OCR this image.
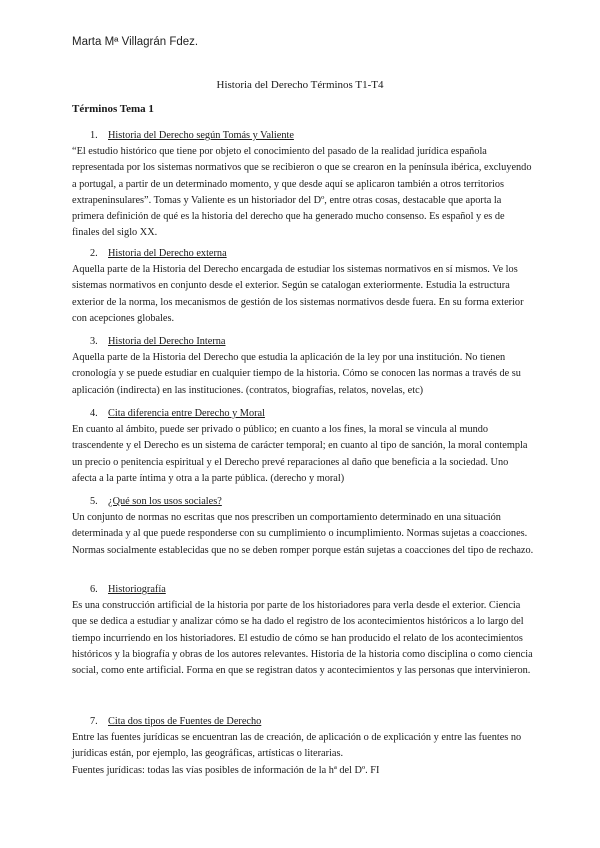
Marta Mª Villagrán Fdez.
Historia del Derecho Términos T1-T4
Términos Tema 1
1. Historia del Derecho según Tomás y Valiente

“El estudio histórico que tiene por objeto el conocimiento del pasado de la realidad jurídica española representada por los sistemas normativos que se recibieron o que se crearon en la península ibérica, excluyendo a portugal, a partir de un determinado momento, y que desde aquí se aplicaron también a otros territorios extrapeninsulares”. Tomas y Valiente es un historiador del Dº, entre otras cosas, destacable que aporta la primera definición de qué es la historia del derecho que ha generado mucho consenso. Es español y es de finales del siglo XX.

2. Historia del Derecho externa

Aquella parte de la Historia del Derecho encargada de estudiar los sistemas normativos en sí mismos. Ve los sistemas normativos en conjunto desde el exterior. Según se catalogan exteriormente. Estudia la estructura exterior de la norma, los mecanismos de gestión de los sistemas normativos desde fuera. En su forma exterior con acepciones globales.

3. Historia del Derecho Interna

Aquella parte de la Historia del Derecho que estudia la aplicación de la ley por una institución. No tienen cronología y se puede estudiar en cualquier tiempo de la historia. Cómo se conocen las normas a través de su aplicación (indirecta) en las instituciones. (contratos, biografías, relatos, novelas, etc)

4. Cita diferencia entre Derecho y Moral

En cuanto al ámbito, puede ser privado o público; en cuanto a los fines, la moral se vincula al mundo trascendente y el Derecho es un sistema de carácter temporal; en cuanto al tipo de sanción, la moral contempla un precio o penitencia espiritual y el Derecho prevé reparaciones al daño que beneficia a la sociedad. Uno afecta a la parte íntima y otra a la parte pública. (derecho y moral)

5. ¿Qué son los usos sociales?

Un conjunto de normas no escritas que nos prescriben un comportamiento determinado en una situación determinada y al que puede responderse con su cumplimiento o incumplimiento. Normas sujetas a coacciones. Normas socialmente establecidas que no se deben romper porque están sujetas a coacciones del tipo de rechazo.

6. Historiografía

Es una construcción artificial de la historia por parte de los historiadores para verla desde el exterior. Ciencia que se dedica a estudiar y analizar cómo se ha dado el registro de los acontecimientos históricos a lo largo del tiempo incurriendo en los historiadores. El estudio de cómo se han producido el relato de los acontecimientos históricos y la biografía y obras de los autores relevantes. Historia de la historia como disciplina o como ciencia social, como ente artificial. Forma en que se registran datos y acontecimientos y las personas que intervinieron.

7. Cita dos tipos de Fuentes de Derecho

Entre las fuentes jurídicas se encuentran las de creación, de aplicación o de explicación y entre las fuentes no jurídicas están, por ejemplo, las geográficas, artísticas o literarias.

Fuentes jurídicas: todas las vías posibles de información de la hª del Dº. FI
